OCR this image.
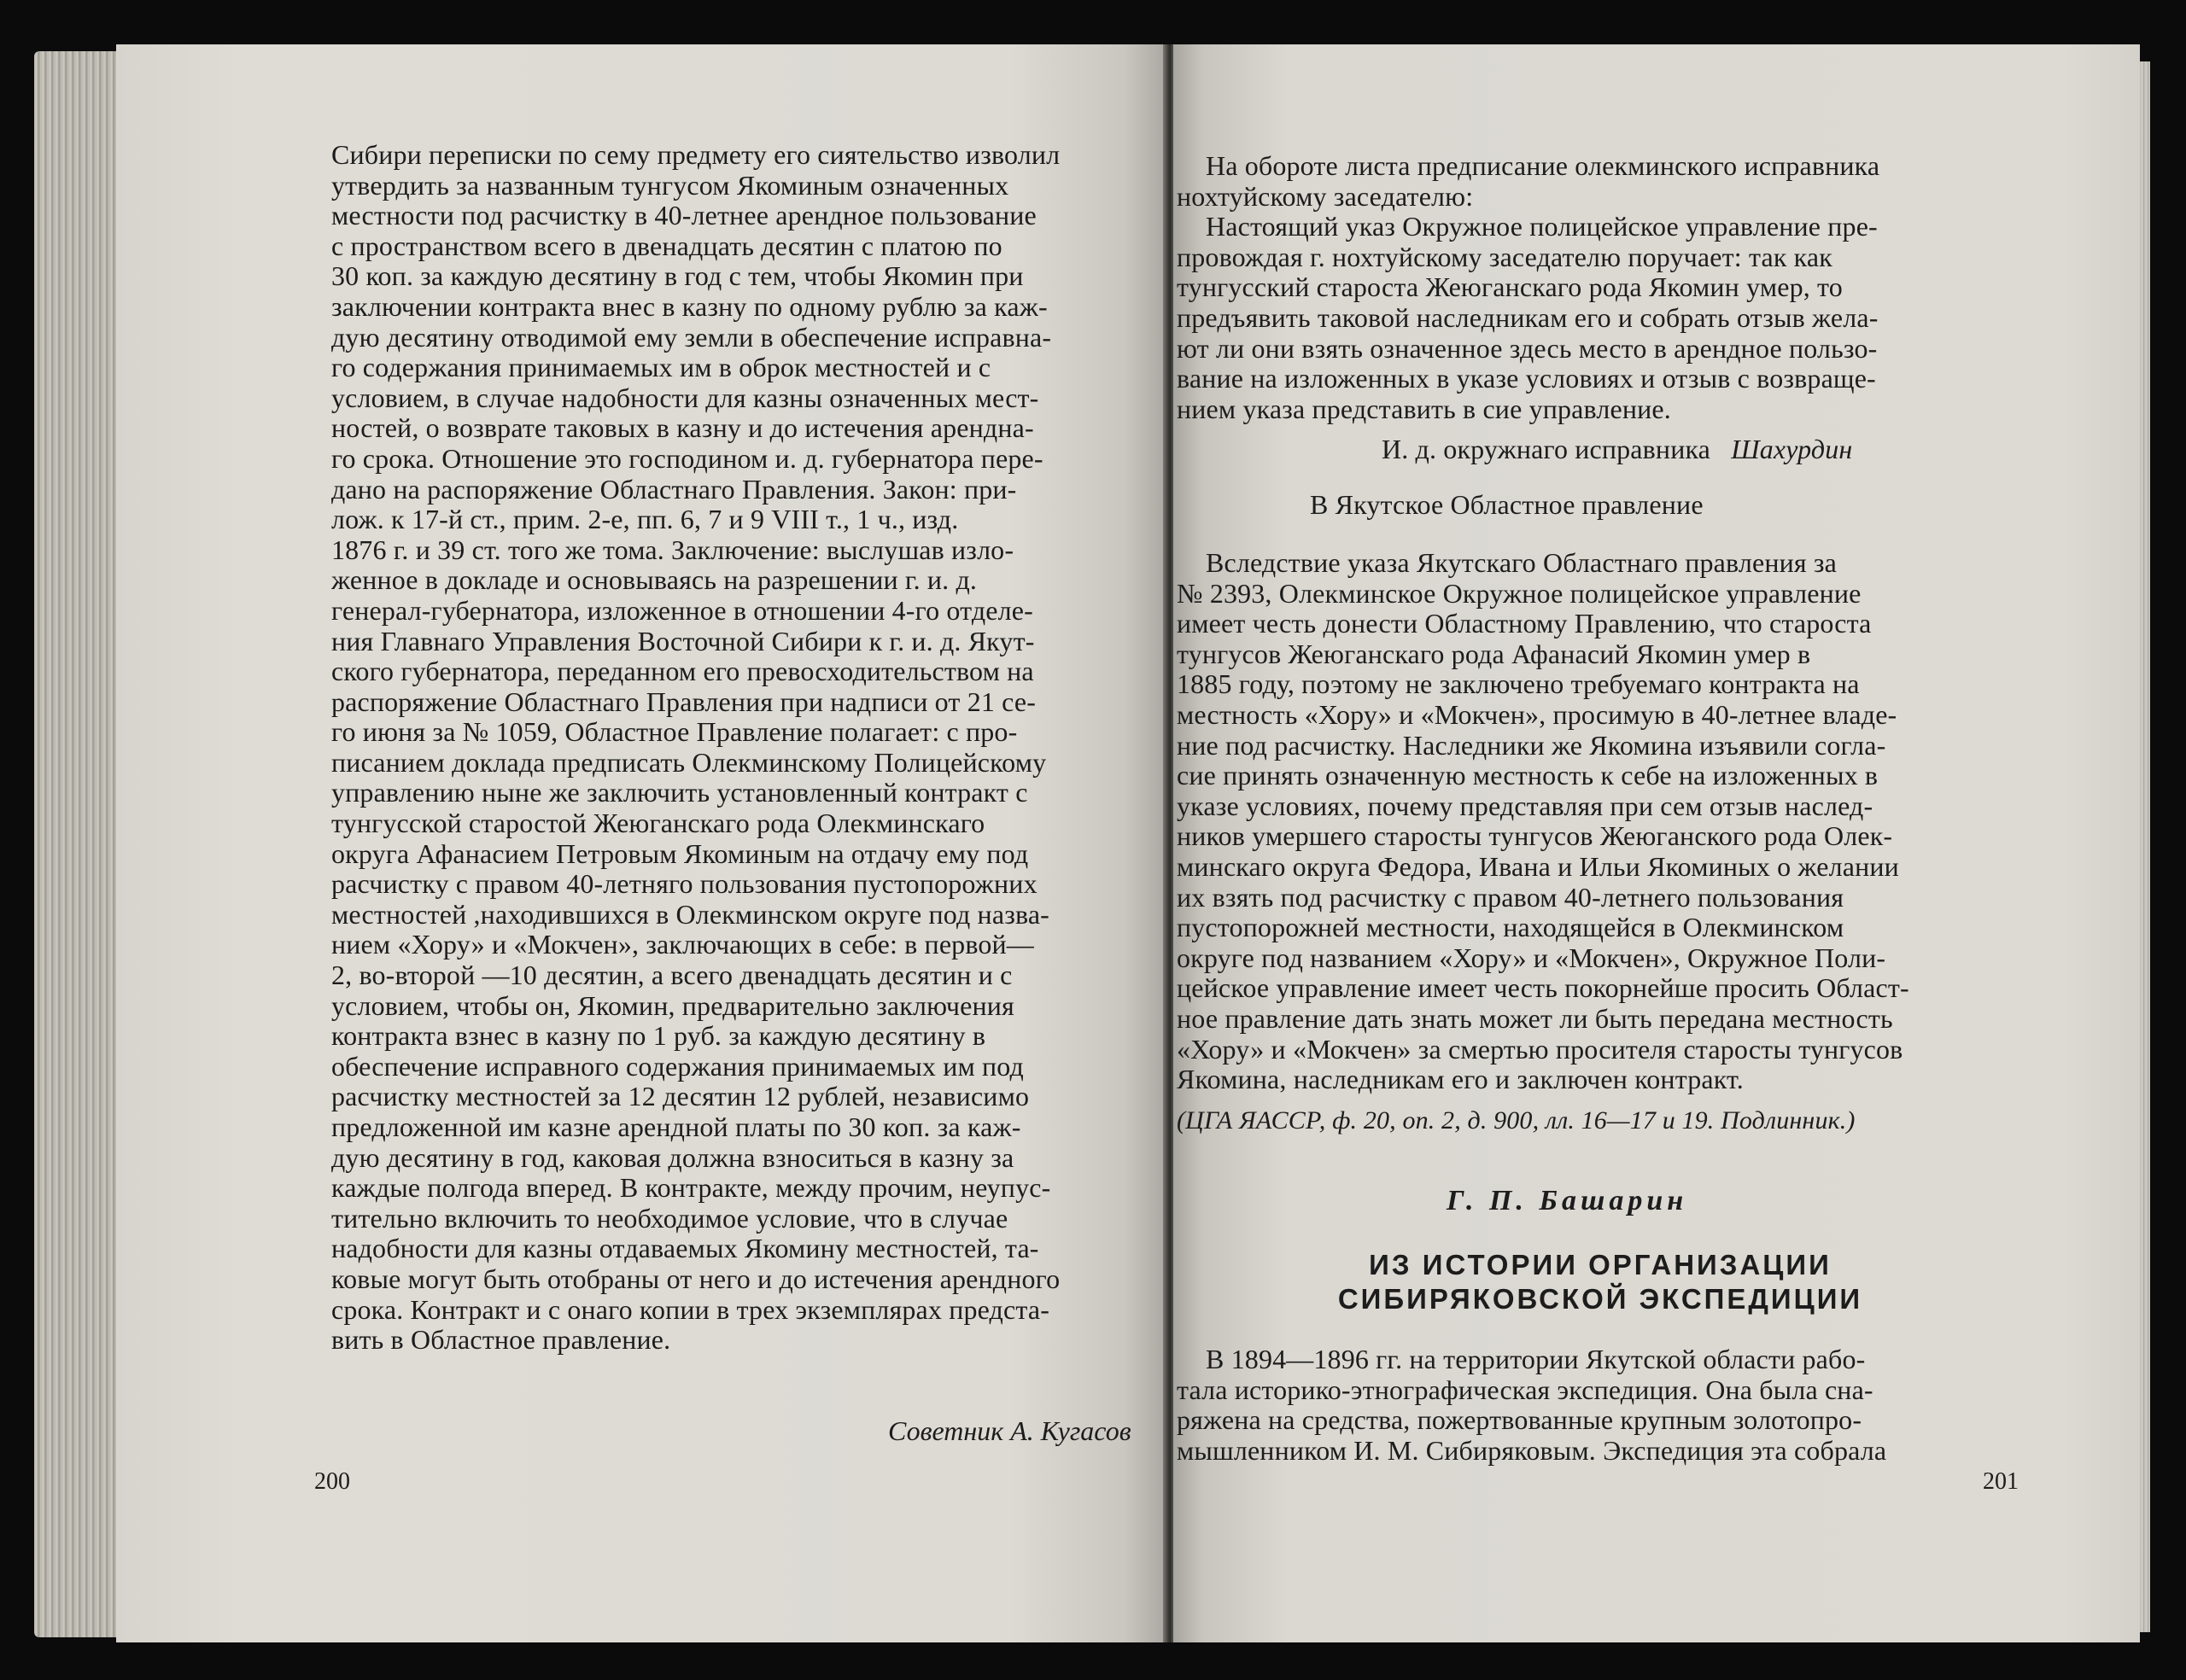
Сибири переписки по сему предмету его сиятельство изволил
утвердить за названным тунгусом Якоминым означенных
местности под расчистку в 40-летнее арендное пользование
с пространством всего в двенадцать десятин с платою по
30 коп. за каждую десятину в год с тем, чтобы Якомин при
заключении контракта внес в казну по одному рублю за каж-
дую десятину отводимой ему земли в обеспечение исправна-
го содержания принимаемых им в оброк местностей и с
условием, в случае надобности для казны означенных мест-
ностей, о возврате таковых в казну и до истечения арендна-
го срока. Отношение это господином и. д. губернатора пере-
дано на распоряжение Областнаго Правления. Закон: при-
лож. к 17-й ст., прим. 2-е, пп. 6, 7 и 9 VIII т., 1 ч., изд.
1876 г. и 39 ст. того же тома. Заключение: выслушав изло-
женное в докладе и основываясь на разрешении г. и. д.
генерал-губернатора, изложенное в отношении 4-го отделе-
ния Главнаго Управления Восточной Сибири к г. и. д. Якут-
ского губернатора, переданном его превосходительством на
распоряжение Областнаго Правления при надписи от 21 се-
го июня за № 1059, Областное Правление полагает: с про-
писанием доклада предписать Олекминскому Полицейскому
управлению ныне же заключить установленный контракт с
тунгусской старостой Жеюганскаго рода Олекминскаго
округа Афанасием Петровым Якоминым на отдачу ему под
расчистку с правом 40-летняго пользования пустопорожних
местностей ,находившихся в Олекминском округе под назва-
нием «Хору» и «Мокчен», заключающих в себе: в первой—
2, во-второй —10 десятин, а всего двенадцать десятин и с
условием, чтобы он, Якомин, предварительно заключения
контракта взнес в казну по 1 руб. за каждую десятину в
обеспечение исправного содержания принимаемых им под
расчистку местностей за 12 десятин 12 рублей, независимо
предложенной им казне арендной платы по 30 коп. за каж-
дую десятину в год, каковая должна взноситься в казну за
каждые полгода вперед. В контракте, между прочим, неупус-
тительно включить то необходимое условие, что в случае
надобности для казны отдаваемых Якомину местностей, та-
ковые могут быть отобраны от него и до истечения арендного
срока. Контракт и с онаго копии в трех экземплярах предста-
вить в Областное правление.
Советник А. Кугасов
200
На обороте листа предписание олекминского исправника
нохтуйскому заседателю:
Настоящий указ Окружное полицейское управление пре-
провождая г. нохтуйскому заседателю поручает: так как
тунгусский староста Жеюганскаго рода Якомин умер, то
предъявить таковой наследникам его и собрать отзыв жела-
ют ли они взять означенное здесь место в арендное пользо-
вание на изложенных в указе условиях и отзыв с возвраще-
нием указа представить в сие управление.
И. д. окружнаго исправника Шахурдин
В Якутское Областное правление
Вследствие указа Якутскаго Областнаго правления за
№ 2393, Олекминское Окружное полицейское управление
имеет честь донести Областному Правлению, что староста
тунгусов Жеюганскаго рода Афанасий Якомин умер в
1885 году, поэтому не заключено требуемаго контракта на
местность «Хору» и «Мокчен», просимую в 40-летнее владе-
ние под расчистку. Наследники же Якомина изъявили согла-
сие принять означенную местность к себе на изложенных в
указе условиях, почему представляя при сем отзыв наслед-
ников умершего старосты тунгусов Жеюганского рода Олек-
минскаго округа Федора, Ивана и Ильи Якоминых о желании
их взять под расчистку с правом 40-летнего пользования
пустопорожней местности, находящейся в Олекминском
округе под названием «Хору» и «Мокчен», Окружное Поли-
цейское управление имеет честь покорнейше просить Област-
ное правление дать знать может ли быть передана местность
«Хору» и «Мокчен» за смертью просителя старосты тунгусов
Якомина, наследникам его и заключен контракт.
(ЦГА ЯАССР, ф. 20, оп. 2, д. 900, лл. 16—17 и 19. Подлинник.)
Г. П. Башарин
ИЗ ИСТОРИИ ОРГАНИЗАЦИИ
СИБИРЯКОВСКОЙ ЭКСПЕДИЦИИ
В 1894—1896 гг. на территории Якутской области рабо-
тала историко-этнографическая экспедиция. Она была сна-
ряжена на средства, пожертвованные крупным золотопро-
мышленником И. М. Сибиряковым. Экспедиция эта собрала
201
